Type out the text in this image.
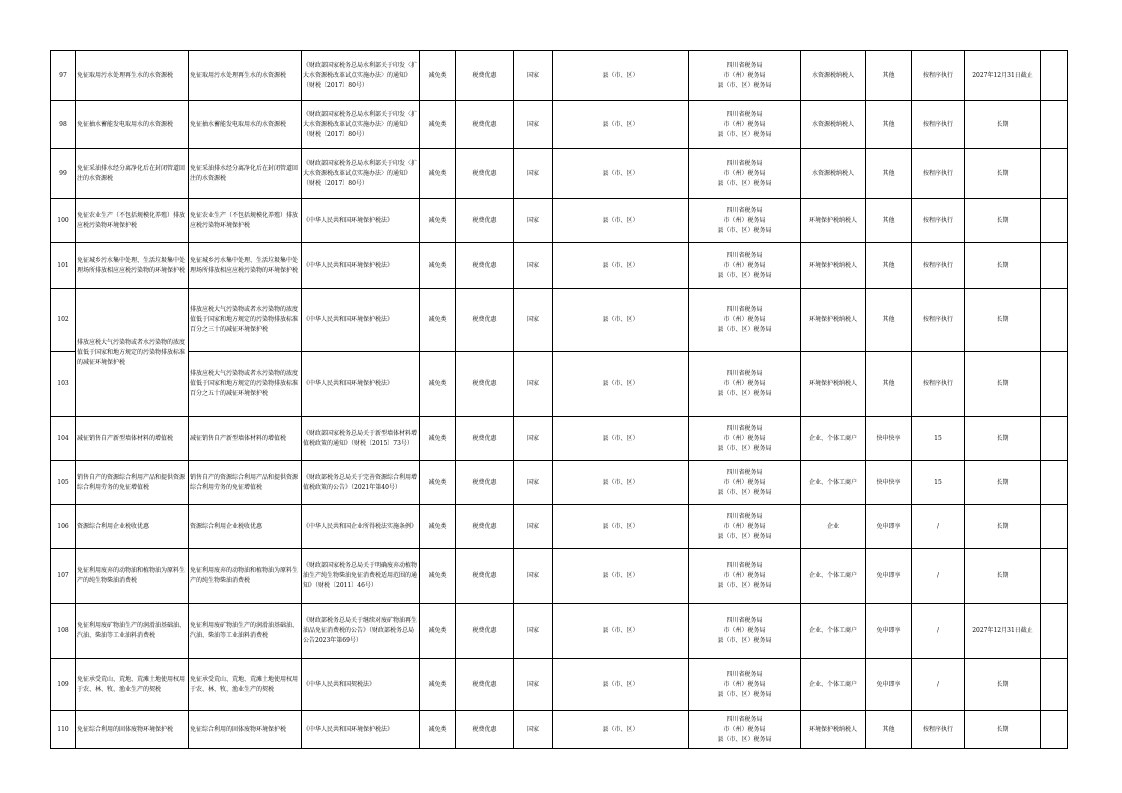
97	免征取用污水处理再生水的水资源税	免征取用污水处理再生水的水资源税	《财政部国家税务总局水利部关于印发〈扩大水资源税改革试点实施办法〉的通知》（财税〔2017〕80号）	减免类	税费优惠	国家	县（市、区）	四川省税务局
市（州）税务局
县（市、区）税务局	水资源税纳税人	其他	按程序执行	2027年12月31日截止	
98	免征抽水蓄能发电取用水的水资源税	免征抽水蓄能发电取用水的水资源税	《财政部国家税务总局水利部关于印发〈扩大水资源税改革试点实施办法〉的通知》（财税〔2017〕80号）	减免类	税费优惠	国家	县（市、区）	四川省税务局
市（州）税务局
县（市、区）税务局	水资源税纳税人	其他	按程序执行	长期	
99	免征采油排水经分离净化后在封闭管道回注的水资源税	免征采油排水经分离净化后在封闭管道回注的水资源税	《财政部国家税务总局水利部关于印发〈扩大水资源税改革试点实施办法〉的通知》（财税〔2017〕80号）	减免类	税费优惠	国家	县（市、区）	四川省税务局
市（州）税务局
县（市、区）税务局	水资源税纳税人	其他	按程序执行	长期	
100	免征农业生产（不包括规模化养殖）排放应税污染物环境保护税	免征农业生产（不包括规模化养殖）排放应税污染物环境保护税	《中华人民共和国环境保护税法》	减免类	税费优惠	国家	县（市、区）	四川省税务局
市（州）税务局
县（市、区）税务局	环境保护税纳税人	其他	按程序执行	长期	
101	免征城乡污水集中处理、生活垃圾集中处理场所排放相应应税污染物的环境保护税	免征城乡污水集中处理、生活垃圾集中处理场所排放相应应税污染物的环境保护税	《中华人民共和国环境保护税法》	减免类	税费优惠	国家	县（市、区）	四川省税务局
市（州）税务局
县（市、区）税务局	环境保护税纳税人	其他	按程序执行	长期	
102	排放应税大气污染物或者水污染物的浓度值低于国家和地方规定的污染物排放标准的减征环境保护税	排放应税大气污染物或者水污染物的浓度值低于国家和地方规定的污染物排放标准百分之三十的减征环境保护税	《中华人民共和国环境保护税法》	减免类	税费优惠	国家	县（市、区）	四川省税务局
市（州）税务局
县（市、区）税务局	环境保护税纳税人	其他	按程序执行	长期	
103		排放应税大气污染物或者水污染物的浓度值低于国家和地方规定的污染物排放标准百分之五十的减征环境保护税	《中华人民共和国环境保护税法》	减免类	税费优惠	国家	县（市、区）	四川省税务局
市（州）税务局
县（市、区）税务局	环境保护税纳税人	其他	按程序执行	长期	
104	减征销售自产新型墙体材料的增值税	减征销售自产新型墙体材料的增值税	《财政部国家税务总局关于新型墙体材料增值税政策的通知》（财税〔2015〕73号）	减免类	税费优惠	国家	县（市、区）	四川省税务局
市（州）税务局
县（市、区）税务局	企业、个体工商户	快申快享	15	长期	
105	销售自产的资源综合利用产品和提供资源综合利用劳务的免征增值税	销售自产的资源综合利用产品和提供资源综合利用劳务的免征增值税	《财政部税务总局关于完善资源综合利用增值税政策的公告》（2021年第40号）	减免类	税费优惠	国家	县（市、区）	四川省税务局
市（州）税务局
县（市、区）税务局	企业、个体工商户	快申快享	15	长期	
106	资源综合利用企业税收优惠	资源综合利用企业税收优惠	《中华人民共和国企业所得税法实施条例》	减免类	税费优惠	国家	县（市、区）	四川省税务局
市（州）税务局
县（市、区）税务局	企业	免申即享	/	长期	
107	免征利用废弃的动物油和植物油为原料生产的纯生物柴油消费税	免征利用废弃的动物油和植物油为原料生产的纯生物柴油消费税	《财政部国家税务总局关于明确废弃动植物油生产纯生物柴油免征消费税适用范围的通知》（财税〔2011〕46号）	减免类	税费优惠	国家	县（市、区）	四川省税务局
市（州）税务局
县（市、区）税务局	企业、个体工商户	免申即享	/	长期	
108	免征利用废矿物油生产的润滑油基础油、汽油、柴油等工业油料消费税	免征利用废矿物油生产的润滑油基础油、汽油、柴油等工业油料消费税	《财政部税务总局关于继续对废矿物油再生油品免征消费税的公告》（财政部税务总局公告2023年第69号）	减免类	税费优惠	国家	县（市、区）	四川省税务局
市（州）税务局
县（市、区）税务局	企业、个体工商户	免申即享	/	2027年12月31日截止	
109	免征承受荒山、荒地、荒滩土地使用权用于农、林、牧、渔业生产的契税	免征承受荒山、荒地、荒滩土地使用权用于农、林、牧、渔业生产的契税	《中华人民共和国契税法》	减免类	税费优惠	国家	县（市、区）	四川省税务局
市（州）税务局
县（市、区）税务局	企业、个体工商户	免申即享	/	长期	
110	免征综合利用的固体废物环境保护税	免征综合利用的固体废物环境保护税	《中华人民共和国环境保护税法》	减免类	税费优惠	国家	县（市、区）	四川省税务局
市（州）税务局
县（市、区）税务局	环境保护税纳税人	其他	按程序执行	长期	
